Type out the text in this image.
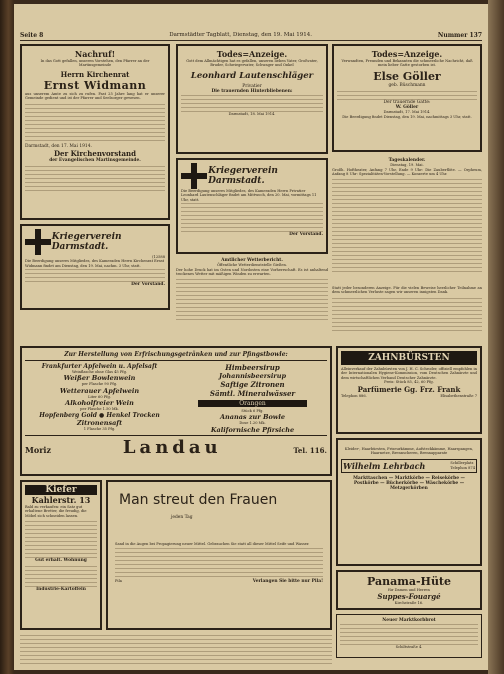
Seite 8	Darmstädter Tagblatt, Dienstag, den 19. Mai 1914.	Nummer 137
Nachruf!
In das Gott gefallen, unseren Vorstehen, den Pfarrer an der Martinsgemeinde
Herrn Kirchenrat
Ernst Widmann
aus unserem Amte zu sich zu rufen. Fast 25 Jahre lang hat er unserer Gemeinde gedient und ist der Pfarrer und Seelsorger gewesen.
Darmstadt, den 17. Mai 1914.
Der Kirchenvorstand
der Evangelischen Martinsgemeinde.
Kriegerverein Darmstadt.
(12588
Die Beerdigung unseres Mitgliedes, des Kameraden Herrn Kirchenrat Ernst Widmann findet am Dienstag, den 19. Mai, nachm. 3 Uhr, statt.
Der Vorstand.
Todes=Anzeige.
Gott dem Allmächtigen hat es gefallen, unseren lieben Vater, Großvater, Bruder, Schwiegervater, Schwager und Onkel
Leonhard Lautenschläger
Privatier
Die trauernden Hinterbliebenen:
Darmstadt, 18. Mai 1914.
Kriegerverein Darmstadt.
Die Beerdigung unseres Mitgliedes, des Kameraden Herrn Privatier Leonhard Lautenschläger findet am Mittwoch, den 20. Mai, vormittags 11 Uhr, statt.
Der Vorstand.
Amtlicher Wetterbericht.
Öffentliche Wetterdienststelle Gießen.
Der hohe Druck hat im Osten und Nordosten eine Vorherrschaft. Es ist anhaltend trockenes Wetter mit mäßigen Winden zu erwarten.
Todes=Anzeige.
Verwandten, Freunden und Bekannten die schmerzliche Nachricht, daß mein lieber Gatte gestorben ist.
Else Göller
geb. Büschmann
Der trauernde Gatte:
W. Göller
Darmstadt, 17. Mai 1914.
Die Beerdigung findet Dienstag, den 19. Mai, nachmittags 3 Uhr, statt.
Tageskalender.
Dienstag, 19. Mai.
Großh. Hoftheater, Anfang 7 Uhr, Ende 9 Uhr: Die Zauberflöte. — Orpheum, Anfang 8 Uhr: Spezialitäten-Vorstellung. — Konzerte um 4 Uhr.
Statt jeder besonderen Anzeige. Für die vielen Beweise herzlicher Teilnahme an dem schmerzlichen Verluste sagen wir unseren innigsten Dank.
Zur Herstellung von Erfrischungsgetränken und zur Pfingstbowle:
Frankfurter Apfelwein u. Apfelsaft
Weinflasche ohne Glas 45 Pfg.
Weißer Bowlenwein
per Flasche 90 Pfg.
Wetterauer Apfelwein
Liter 60 Pfg.
Alkoholfreier Wein
per Flasche 1.50 Mk.
Hopfenberg Gold ● Henkel Trocken
Zitronensaft
1 Flasche 35 Pfg.
Himbeersirup
Johannisbeersirup
Saftige Zitronen
Sämtl. Mineralwässer
Orangen
Stück 6 Pfg.
Ananas zur Bowle
Dose 1.20 Mk.
Kalifornische Pfirsiche
Moriz	Landau	Tel. 116.
ZAHNBÜRSTEN
Alleinverkauf der Zahnbürsten von J. H. C. Schroder, offiziell empfohlen in der Internationalen Hygiene-Kommission, vom Deutschen Zahnärzte und dem wirtschaftlichen Verband Deutscher Zahnärzte.
Preis: Stück 85, 42, 60 Pfg.
Parfümerie Gg. Frz. Frank
Telephon 886.	Elisabethenstraße 7
Kleider-, Haarbürsten, Friseurkämme, Aufsteckkämme, Haarspangen, Haarnetze, Brennscheren, Brennapparate
Wilhelm Lehrbach	Schillerplatz
Telephon 874
Markttaschen — Marktkörbe — Reisekörbe — Postkörbe — Bücherkörbe — Wäschekörbe — Metzgerkörben
Kiefer
Kahlerstr. 13
Bald zu verkaufen: ein Satz gut erhaltene Bretter, die freudig, die Möbel sich schneiden lassen.
Gut erhalt. Wohnung
Industrie-Kartoffeln
Man streut den Frauen
jeden Tag
Sand in die Augen bei Propagierung neuer Mittel. Gebrauchen Sie statt all dieser Mittel Seife und Wasser.
Pila	Verlangen Sie bitte nur Pila!	Panama-Hüte
für Damen und Herren
Suppes-Fouargé
Kirchstraße 16.
Neuer Marktkorbbrot
Schiltstraße 4.
